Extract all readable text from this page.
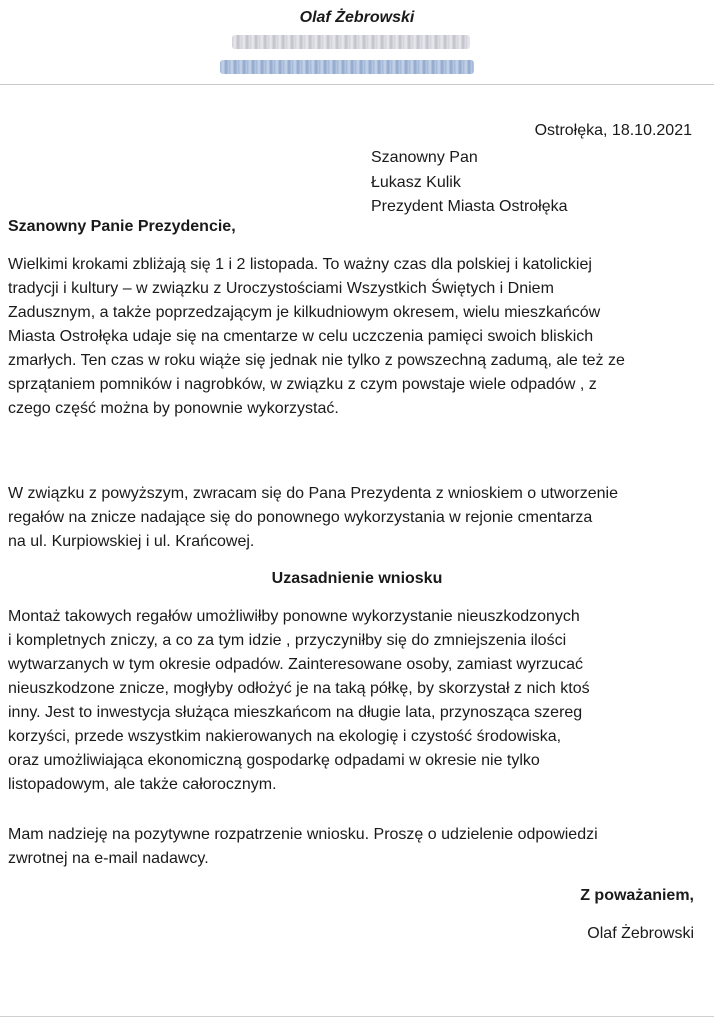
Olaf Żebrowski
Ostrołęka, 18.10.2021
Szanowny Pan
Łukasz Kulik
Prezydent Miasta Ostrołęka
Szanowny Panie Prezydencie,
Wielkimi krokami zbliżają się 1 i 2 listopada. To ważny czas dla polskiej i katolickiej
tradycji i kultury – w związku z Uroczystościami Wszystkich Świętych i Dniem
Zadusznym, a także poprzedzającym je kilkudniowym okresem, wielu mieszkańców
Miasta Ostrołęka udaje się na cmentarze w celu uczczenia pamięci swoich bliskich
zmarłych. Ten czas w roku wiąże się jednak nie tylko z powszechną zadumą, ale też ze
sprzątaniem pomników i nagrobków, w związku z czym powstaje wiele odpadów , z
czego część można by ponownie wykorzystać.
W związku z powyższym, zwracam się do Pana Prezydenta z wnioskiem o utworzenie
regałów na znicze nadające się do ponownego wykorzystania w rejonie cmentarza
na ul. Kurpiowskiej i ul. Krańcowej.
Uzasadnienie wniosku
Montaż takowych regałów umożliwiłby ponowne wykorzystanie nieuszkodzonych
i kompletnych zniczy, a co za tym idzie , przyczyniłby się do zmniejszenia ilości
wytwarzanych w tym okresie odpadów. Zainteresowane osoby, zamiast wyrzucać
nieuszkodzone znicze, mogłyby odłożyć je na taką półkę, by skorzystał z nich ktoś
inny. Jest to inwestycja służąca mieszkańcom na długie lata, przynosząca szereg
korzyści, przede wszystkim nakierowanych na ekologię i czystość środowiska,
oraz umożliwiająca ekonomiczną gospodarkę odpadami w okresie nie tylko
listopadowym, ale także całorocznym.
Mam nadzieję na pozytywne rozpatrzenie wniosku. Proszę o udzielenie odpowiedzi
zwrotnej na e-mail nadawcy.
Z poważaniem,
Olaf Żebrowski
